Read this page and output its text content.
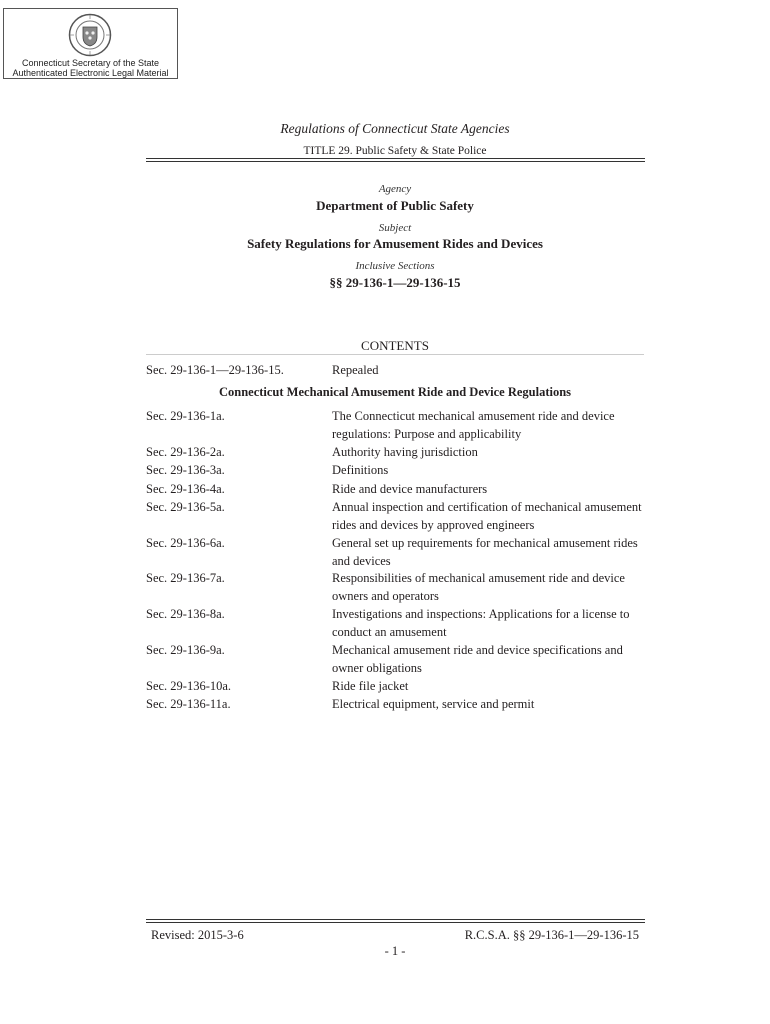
Connecticut Secretary of the State
Authenticated Electronic Legal Material
Regulations of Connecticut State Agencies
TITLE 29. Public Safety & State Police
Agency
Department of Public Safety
Subject
Safety Regulations for Amusement Rides and Devices
Inclusive Sections
§§ 29-136-1—29-136-15
CONTENTS
Sec. 29-136-1—29-136-15.	Repealed
Connecticut Mechanical Amusement Ride and Device Regulations
Sec. 29-136-1a.	The Connecticut mechanical amusement ride and device regulations: Purpose and applicability
Sec. 29-136-2a.	Authority having jurisdiction
Sec. 29-136-3a.	Definitions
Sec. 29-136-4a.	Ride and device manufacturers
Sec. 29-136-5a.	Annual inspection and certification of mechanical amusement rides and devices by approved engineers
Sec. 29-136-6a.	General set up requirements for mechanical amusement rides and devices
Sec. 29-136-7a.	Responsibilities of mechanical amusement ride and device owners and operators
Sec. 29-136-8a.	Investigations and inspections: Applications for a license to conduct an amusement
Sec. 29-136-9a.	Mechanical amusement ride and device specifications and owner obligations
Sec. 29-136-10a.	Ride file jacket
Sec. 29-136-11a.	Electrical equipment, service and permit
Revised: 2015-3-6	R.C.S.A. §§ 29-136-1—29-136-15
- 1 -
